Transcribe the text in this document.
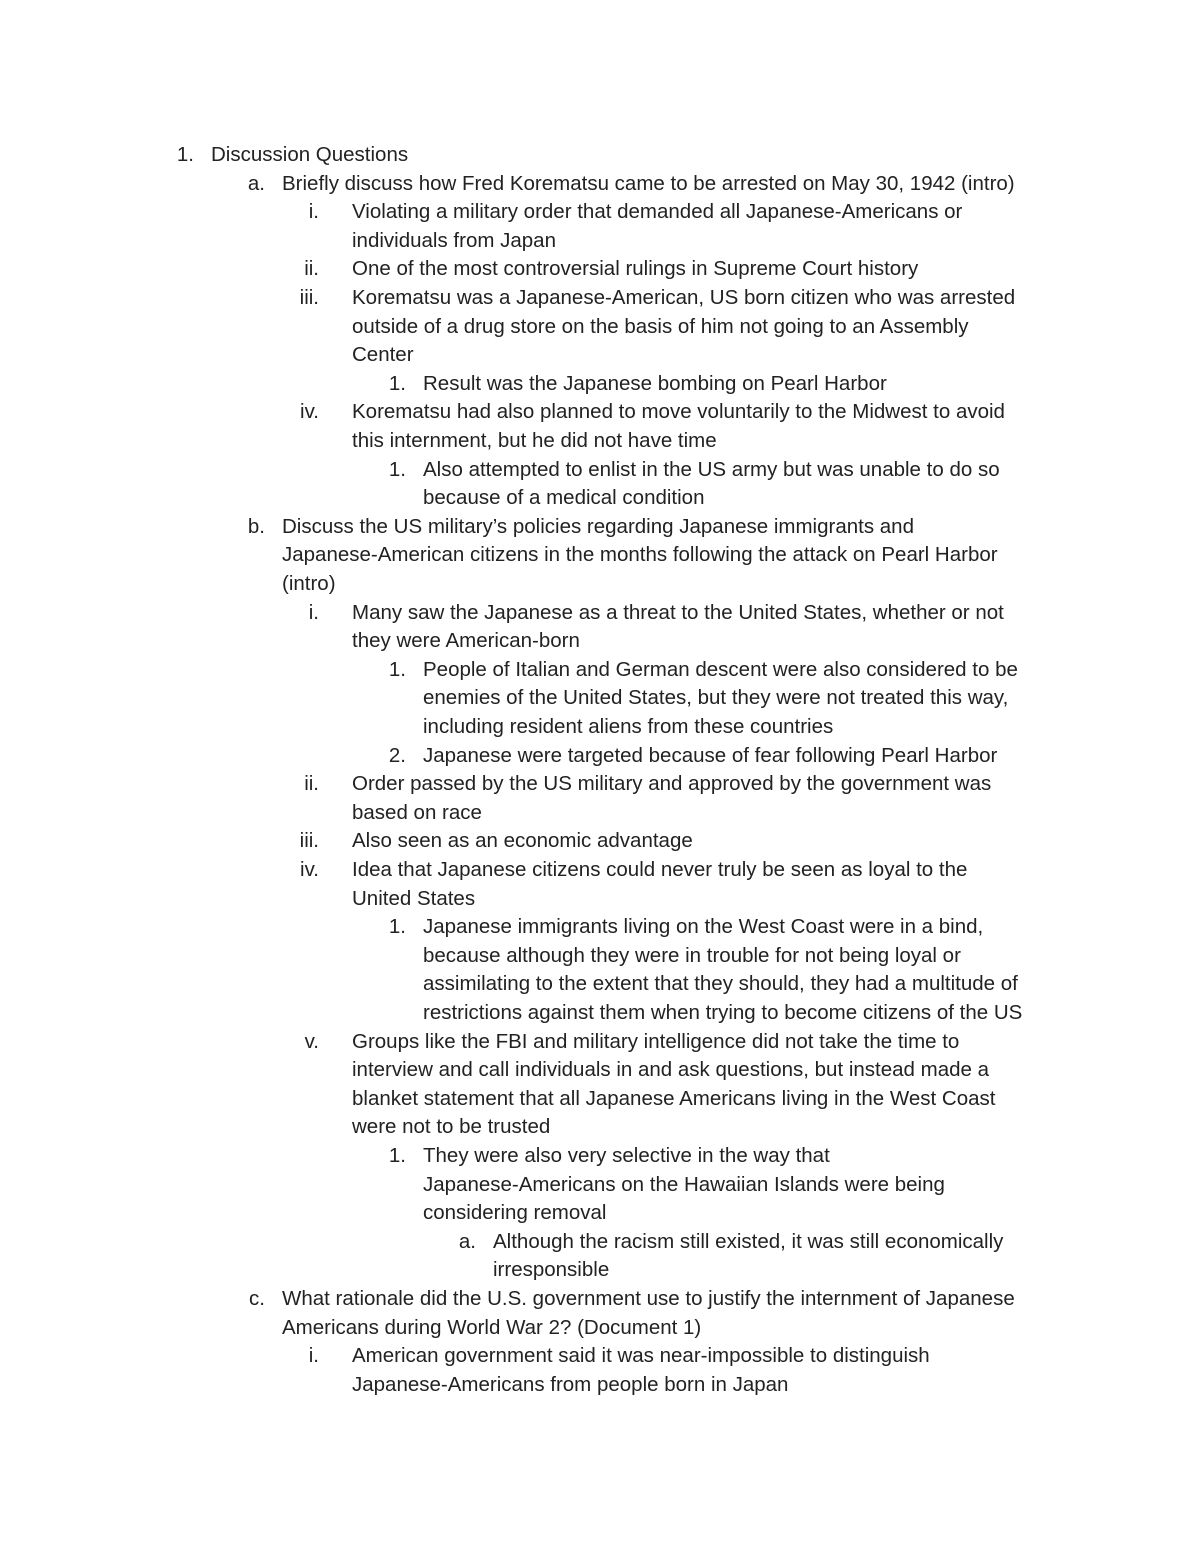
1. Discussion Questions
a. Briefly discuss how Fred Korematsu came to be arrested on May 30, 1942 (intro)
i. Violating a military order that demanded all Japanese-Americans or
individuals from Japan
ii. One of the most controversial rulings in Supreme Court history
iii. Korematsu was a Japanese-American, US born citizen who was arrested
outside of a drug store on the basis of him not going to an Assembly
Center
1. Result was the Japanese bombing on Pearl Harbor
iv. Korematsu had also planned to move voluntarily to the Midwest to avoid
this internment, but he did not have time
1. Also attempted to enlist in the US army but was unable to do so
because of a medical condition
b. Discuss the US military’s policies regarding Japanese immigrants and
Japanese-American citizens in the months following the attack on Pearl Harbor
(intro)
i. Many saw the Japanese as a threat to the United States, whether or not
they were American-born
1. People of Italian and German descent were also considered to be
enemies of the United States, but they were not treated this way,
including resident aliens from these countries
2. Japanese were targeted because of fear following Pearl Harbor
ii. Order passed by the US military and approved by the government was
based on race
iii. Also seen as an economic advantage
iv. Idea that Japanese citizens could never truly be seen as loyal to the
United States
1. Japanese immigrants living on the West Coast were in a bind,
because although they were in trouble for not being loyal or
assimilating to the extent that they should, they had a multitude of
restrictions against them when trying to become citizens of the US
v. Groups like the FBI and military intelligence did not take the time to
interview and call individuals in and ask questions, but instead made a
blanket statement that all Japanese Americans living in the West Coast
were not to be trusted
1. They were also very selective in the way that
Japanese-Americans on the Hawaiian Islands were being
considering removal
a. Although the racism still existed, it was still economically
irresponsible
c. What rationale did the U.S. government use to justify the internment of Japanese
Americans during World War 2? (Document 1)
i. American government said it was near-impossible to distinguish
Japanese-Americans from people born in Japan
